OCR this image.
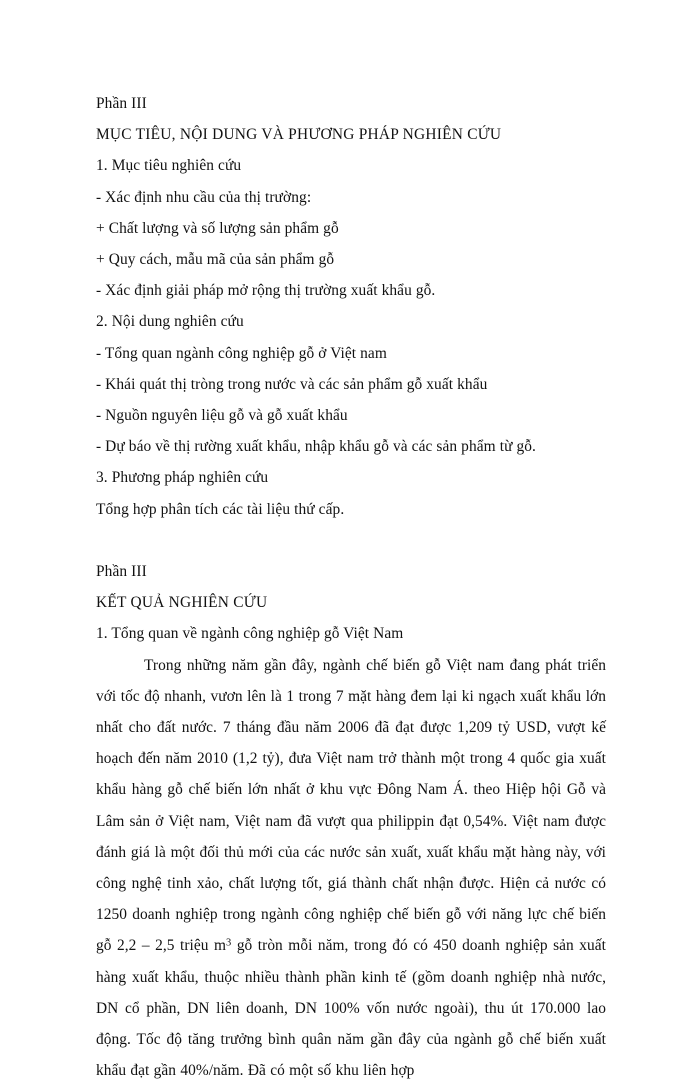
Phần III
MỤC TIÊU, NỘI DUNG VÀ PHƯƠNG PHÁP NGHIÊN CỨU
1. Mục tiêu nghiên cứu
- Xác định nhu cầu của thị trường:
+ Chất lượng và số lượng sản phẩm gỗ
+ Quy cách, mẫu mã của sản phẩm gỗ
- Xác định giải pháp mở rộng thị trường xuất khẩu gỗ.
2. Nội dung nghiên cứu
- Tổng quan ngành công nghiệp gỗ ở Việt nam
- Khái quát thị tròng trong nước và các sản phẩm gỗ xuất khẩu
- Nguồn nguyên liệu gỗ và gỗ xuất khẩu
- Dự báo về thị rường xuất khẩu, nhập khẩu gỗ và các sản phẩm từ gỗ.
3. Phương pháp nghiên cứu
Tổng hợp phân tích các tài liệu thứ cấp.
Phần III
KẾT QUẢ NGHIÊN CỨU
1. Tổng quan về ngành công nghiệp gỗ Việt Nam

Trong những năm gần đây, ngành chế biến gỗ Việt nam đang phát triển với tốc độ nhanh, vươn lên là 1 trong 7 mặt hàng đem lại ki ngạch xuất khẩu lớn nhất cho đất nước. 7 tháng đầu năm 2006 đã đạt được 1,209 tỷ USD, vượt kế hoạch đến năm 2010 (1,2 tỷ), đưa Việt nam trở thành một trong 4 quốc gia xuất khẩu hàng gỗ chế biến lớn nhất ở khu vực Đông Nam Á. theo Hiệp hội Gỗ và Lâm sản ở Việt nam, Việt nam đã vượt qua philippin đạt 0,54%. Việt nam được đánh giá là một đối thủ mới của các nước sản xuất, xuất khẩu mặt hàng này, với công nghệ tinh xảo, chất lượng tốt, giá thành chất nhận được. Hiện cả nước có 1250 doanh nghiệp trong ngành công nghiệp chế biến gỗ với năng lực chế biến gỗ 2,2 – 2,5 triệu $m^3$ gỗ tròn mỗi năm, trong đó có 450 doanh nghiệp sản xuất hàng xuất khẩu, thuộc nhiều thành phần kinh tế (gồm doanh nghiệp nhà nước, DN cổ phần, DN liên doanh, DN 100% vốn nước ngoài), thu út 170.000 lao động. Tốc độ tăng trưởng bình quân năm gần đây của ngành gỗ chế biến xuất khẩu đạt gần 40%/năm. Đã có một số khu liên hợp
